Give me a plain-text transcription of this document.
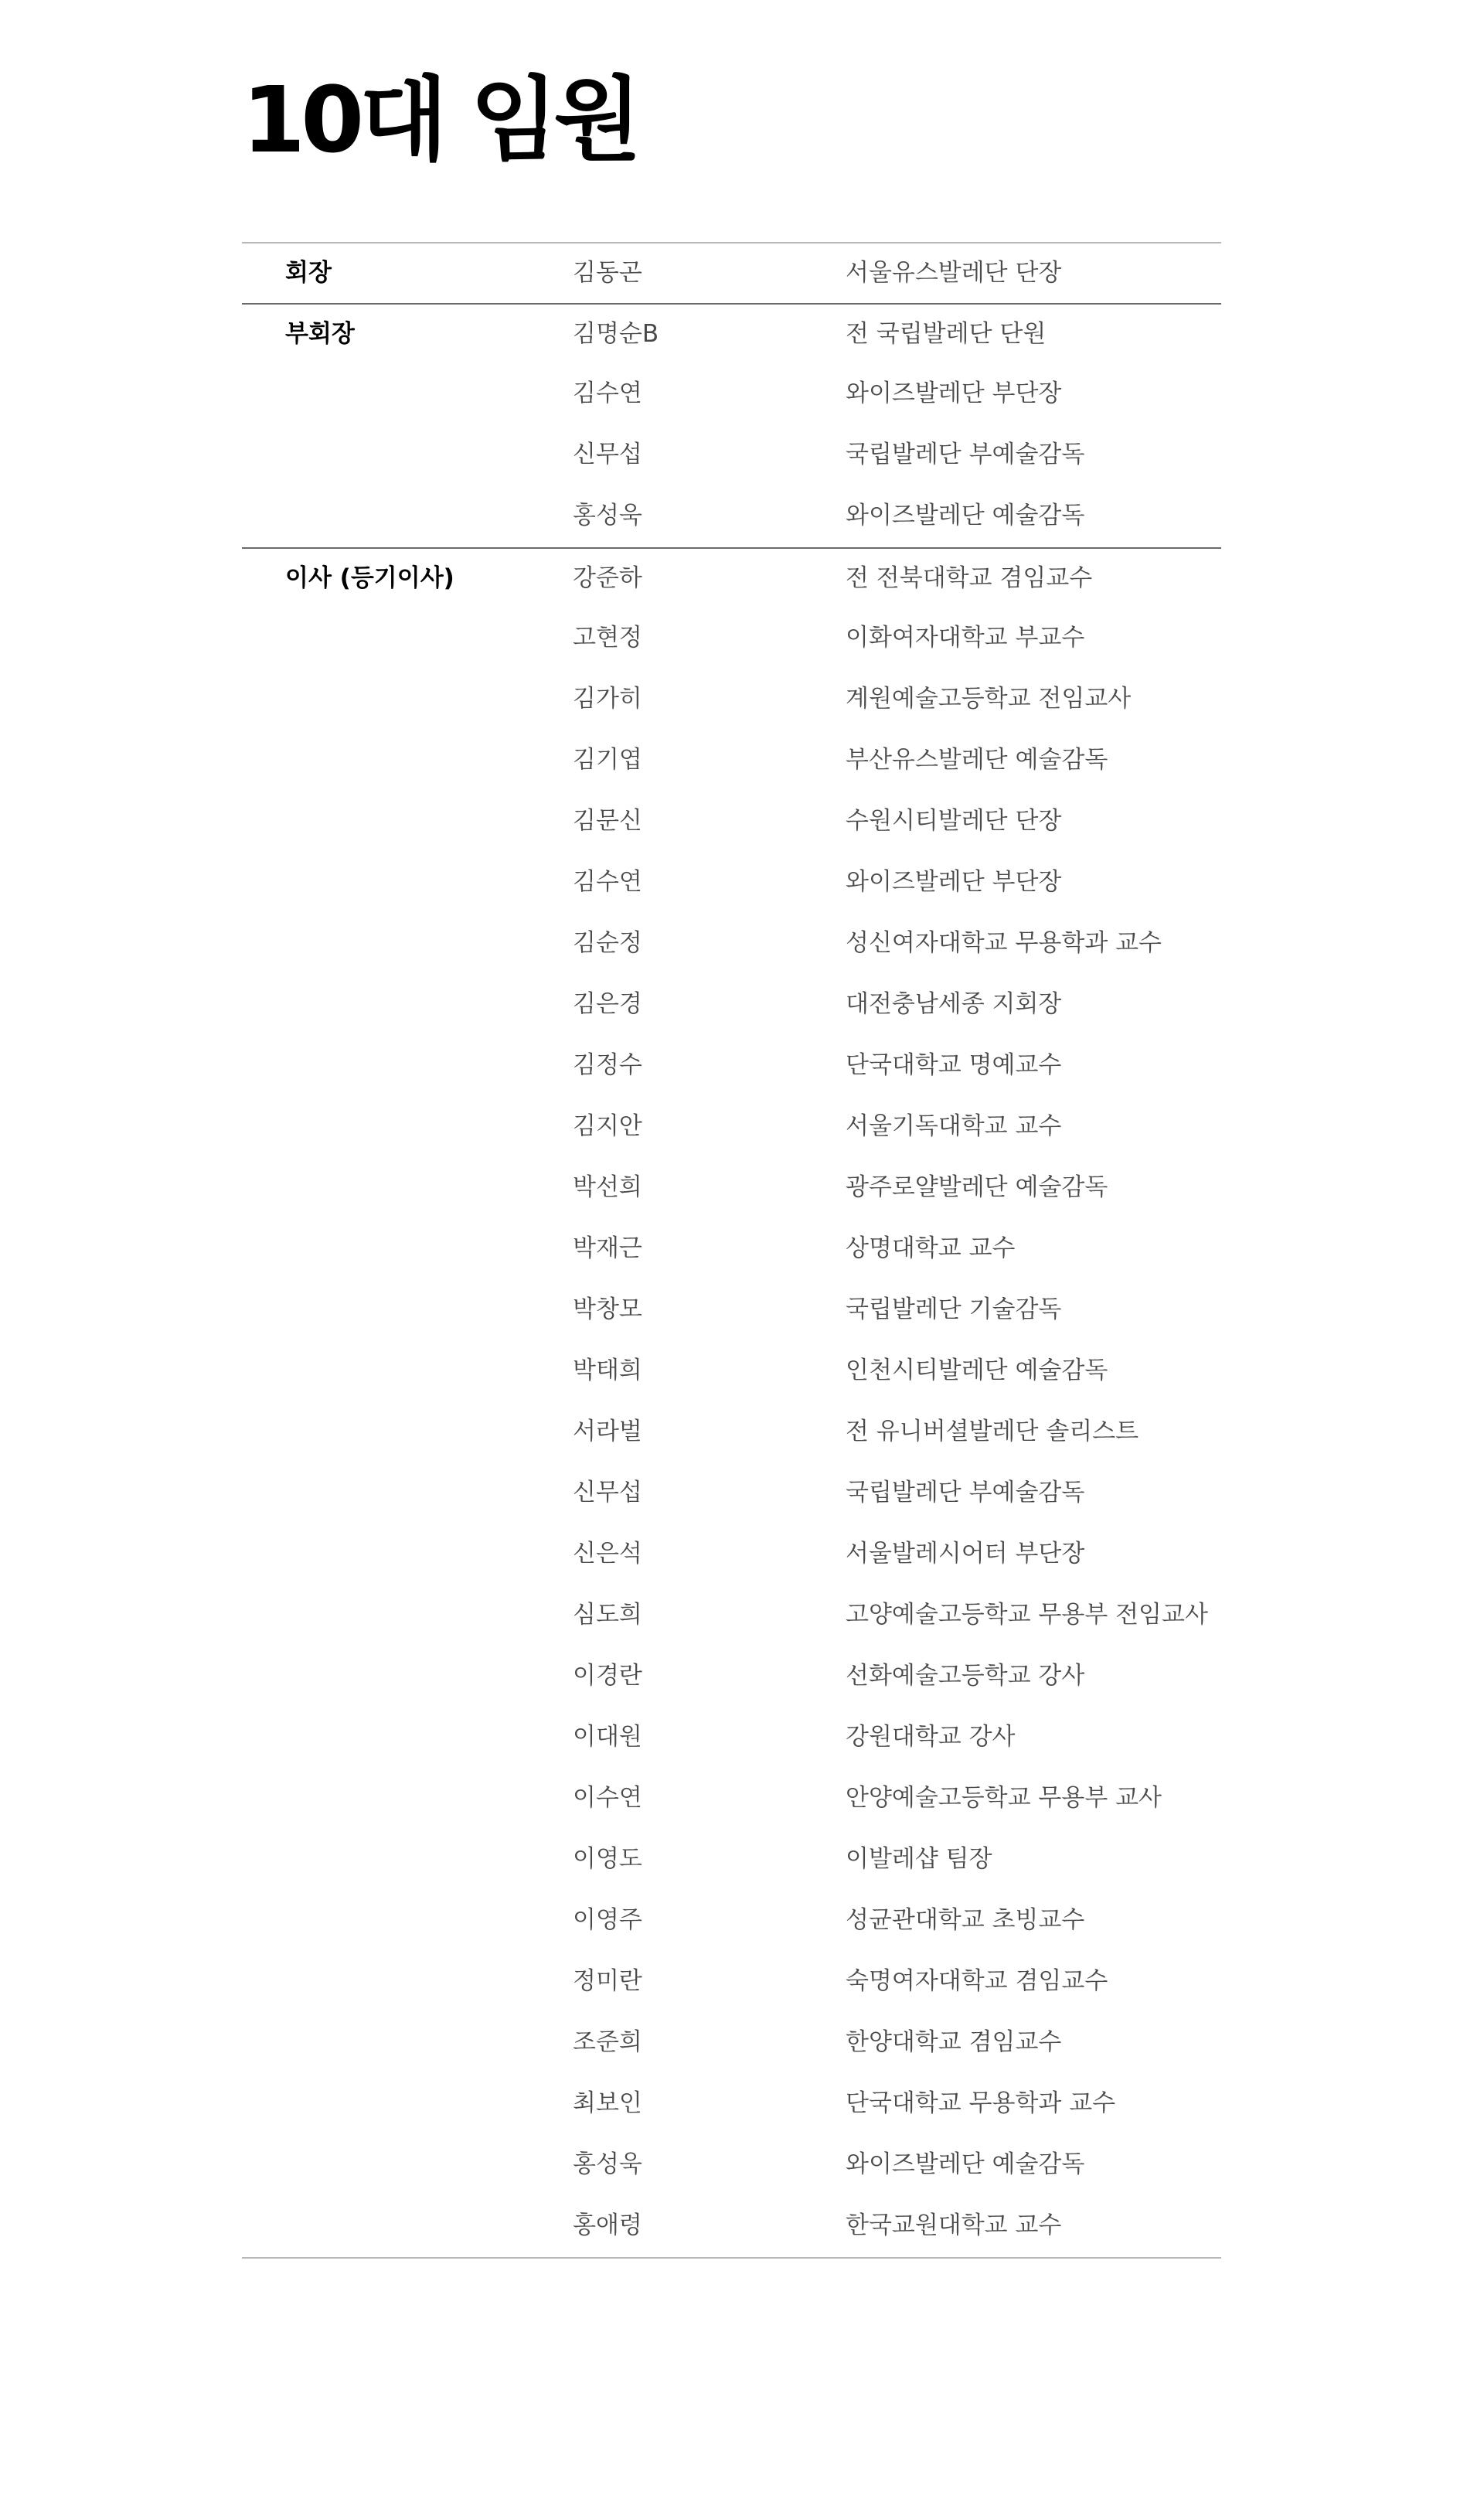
10대 임원
회장	김동곤	서울유스발레단 단장
부회장	김명순B	전 국립발레단 단원
김수연	와이즈발레단 부단장
신무섭	국립발레단 부예술감독
홍성욱	와이즈발레단 예술감독
이사 (등기이사)	강준하	전 전북대학교 겸임교수
고현정	이화여자대학교 부교수
김가히	계원예술고등학교 전임교사
김기엽	부산유스발레단 예술감독
김문신	수원시티발레단 단장
김수연	와이즈발레단 부단장
김순정	성신여자대학교 무용학과 교수
김은경	대전충남세종 지회장
김정수	단국대학교 명예교수
김지안	서울기독대학교 교수
박선희	광주로얄발레단 예술감독
박재근	상명대학교 교수
박창모	국립발레단 기술감독
박태희	인천시티발레단 예술감독
서라벌	전 유니버셜발레단 솔리스트
신무섭	국립발레단 부예술감독
신은석	서울발레시어터 부단장
심도희	고양예술고등학교 무용부 전임교사
이경란	선화예술고등학교 강사
이대원	강원대학교 강사
이수연	안양예술고등학교 무용부 교사
이영도	이발레샵 팀장
이영주	성균관대학교 초빙교수
정미란	숙명여자대학교 겸임교수
조준희	한양대학교 겸임교수
최보인	단국대학교 무용학과 교수
홍성욱	와이즈발레단 예술감독
홍애령	한국교원대학교 교수
